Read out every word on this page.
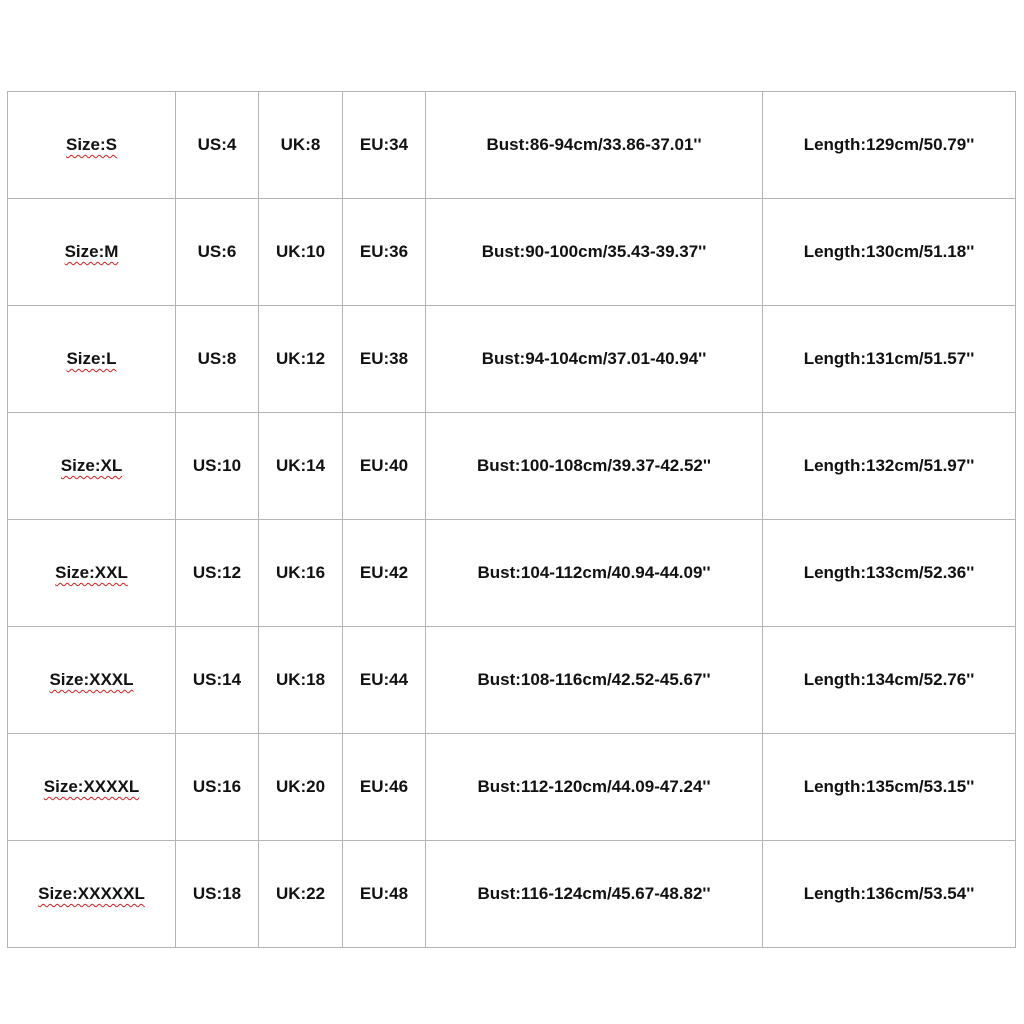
Size:S	US:4	UK:8	EU:34	Bust:86-94cm/33.86-37.01''	Length:129cm/50.79''
Size:M	US:6	UK:10	EU:36	Bust:90-100cm/35.43-39.37''	Length:130cm/51.18''
Size:L	US:8	UK:12	EU:38	Bust:94-104cm/37.01-40.94''	Length:131cm/51.57''
Size:XL	US:10	UK:14	EU:40	Bust:100-108cm/39.37-42.52''	Length:132cm/51.97''
Size:XXL	US:12	UK:16	EU:42	Bust:104-112cm/40.94-44.09''	Length:133cm/52.36''
Size:XXXL	US:14	UK:18	EU:44	Bust:108-116cm/42.52-45.67''	Length:134cm/52.76''
Size:XXXXL	US:16	UK:20	EU:46	Bust:112-120cm/44.09-47.24''	Length:135cm/53.15''
Size:XXXXXL	US:18	UK:22	EU:48	Bust:116-124cm/45.67-48.82''	Length:136cm/53.54''
